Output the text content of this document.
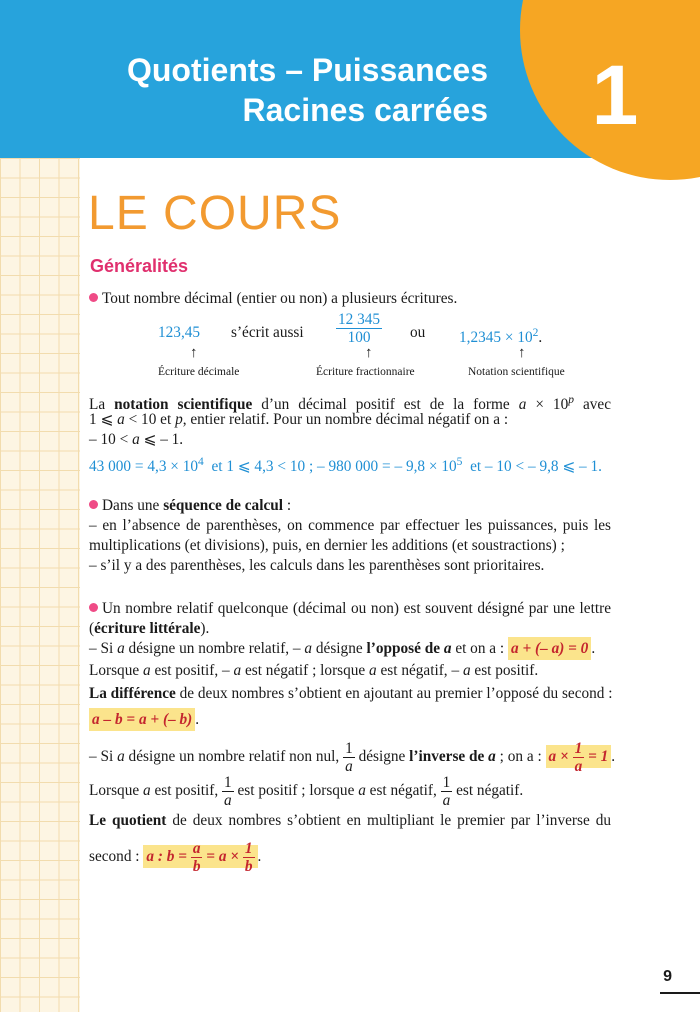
1
Quotients – Puissances
Racines carrées
LE COURS
Généralités
Tout nombre décimal (entier ou non) a plusieurs écritures.
123,45 s’écrit aussi $\frac{12 345}{100}$ ou $1,2345 \times 10^2$.
↑	↑	↑
Écriture décimale	Écriture fractionnaire	Notation scientifique
La notation scientifique d’un décimal positif est de la forme $a \times 10^p$ avec
1 ⩽ a < 10 et p, entier relatif. Pour un nombre décimal négatif on a :
– 10 < a ⩽ – 1.
43 $000 = 4,3 \times 10^4$ et 1 ⩽ 4,3 < 10 ; – 980 000 = – $9,8 \times 10^5$ et – 10 < – 9,8 ⩽ – 1.
Dans une séquence de calcul :
– en l’absence de parenthèses, on commence par effectuer les puissances, puis les
multiplications (et divisions), puis, en dernier les additions (et soustractions) ;
– s’il y a des parenthèses, les calculs dans les parenthèses sont prioritaires.
Un nombre relatif quelconque (décimal ou non) est souvent désigné par une lettre
(écriture littérale).
– Si a désigne un nombre relatif, – a désigne l’opposé de a et on a : a + (– a) = 0 .
Lorsque a est positif, – a est négatif ; lorsque a est négatif, – a est positif.
La différence de deux nombres s’obtient en ajoutant au premier l’opposé du second :
a – b = a + (– b) .
– Si a désigne un nombre relatif non nul, $\frac{1}{a}$ désigne l’inverse de a ; on a : $a \times \frac{1}{a} = 1$ .
Lorsque a est positif, $\frac{1}{a}$ est positif ; lorsque a est négatif, $\frac{1}{a}$ est négatif.
Le quotient de deux nombres s’obtient en multipliant le premier par l’inverse du
second : a : $b = \frac{a}{b} = a \times \frac{1}{b}$ .
9
